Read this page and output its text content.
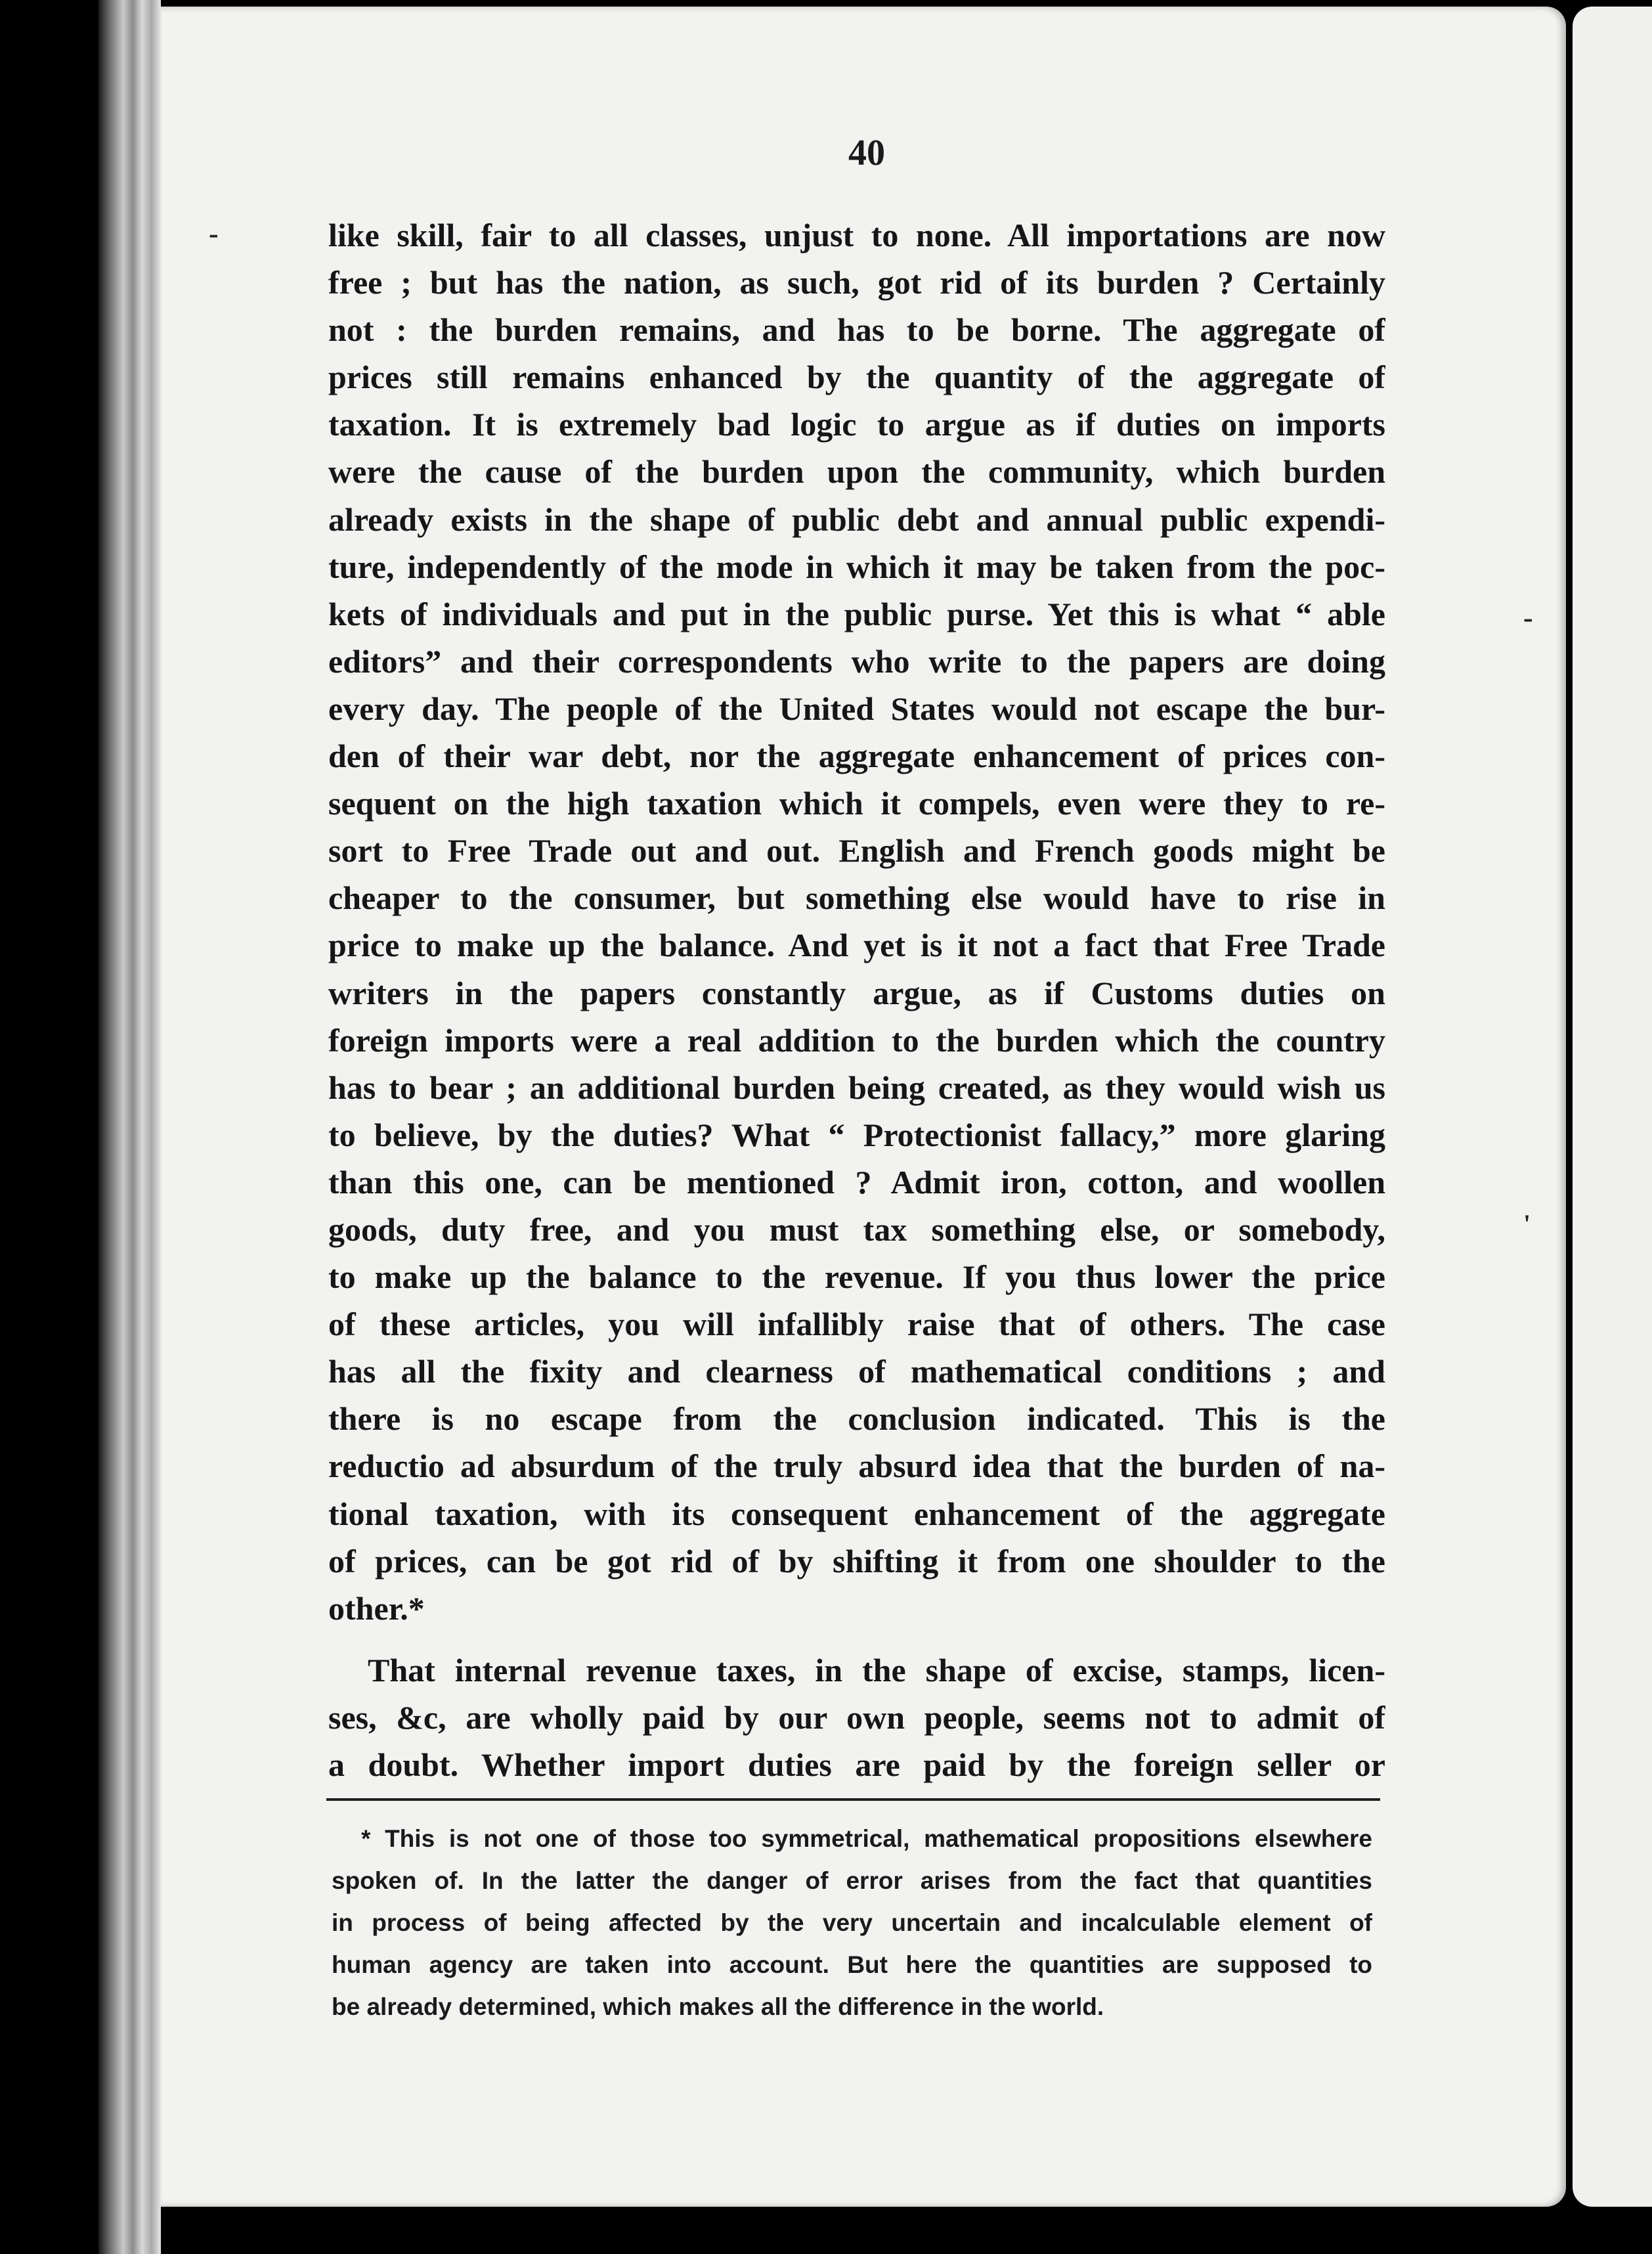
40
like skill, fair to all classes, unjust to none. All importations are now
free ; but has the nation, as such, got rid of its burden ? Certainly
not : the burden remains, and has to be borne. The aggregate of
prices still remains enhanced by the quantity of the aggregate of
taxation. It is extremely bad logic to argue as if duties on imports
were the cause of the burden upon the community, which burden
already exists in the shape of public debt and annual public expendi-
ture, independently of the mode in which it may be taken from the poc-
kets of individuals and put in the public purse. Yet this is what “ able
editors” and their correspondents who write to the papers are doing
every day. The people of the United States would not escape the bur-
den of their war debt, nor the aggregate enhancement of prices con-
sequent on the high taxation which it compels, even were they to re-
sort to Free Trade out and out. English and French goods might be
cheaper to the consumer, but something else would have to rise in
price to make up the balance. And yet is it not a fact that Free Trade
writers in the papers constantly argue, as if Customs duties on
foreign imports were a real addition to the burden which the country
has to bear ; an additional burden being created, as they would wish us
to believe, by the duties? What “ Protectionist fallacy,” more glaring
than this one, can be mentioned ? Admit iron, cotton, and woollen
goods, duty free, and you must tax something else, or somebody,
to make up the balance to the revenue. If you thus lower the price
of these articles, you will infallibly raise that of others. The case
has all the fixity and clearness of mathematical conditions ; and
there is no escape from the conclusion indicated. This is the
reductio ad absurdum of the truly absurd idea that the burden of na-
tional taxation, with its consequent enhancement of the aggregate
of prices, can be got rid of by shifting it from one shoulder to the
other.*
That internal revenue taxes, in the shape of excise, stamps, licen-
ses, &c, are wholly paid by our own people, seems not to admit of
a doubt. Whether import duties are paid by the foreign seller or
* This is not one of those too symmetrical, mathematical propositions elsewhere
spoken of. In the latter the danger of error arises from the fact that quantities
in process of being affected by the very uncertain and incalculable element of
human agency are taken into account. But here the quantities are supposed to
be already determined, which makes all the difference in the world.
-
-
'
